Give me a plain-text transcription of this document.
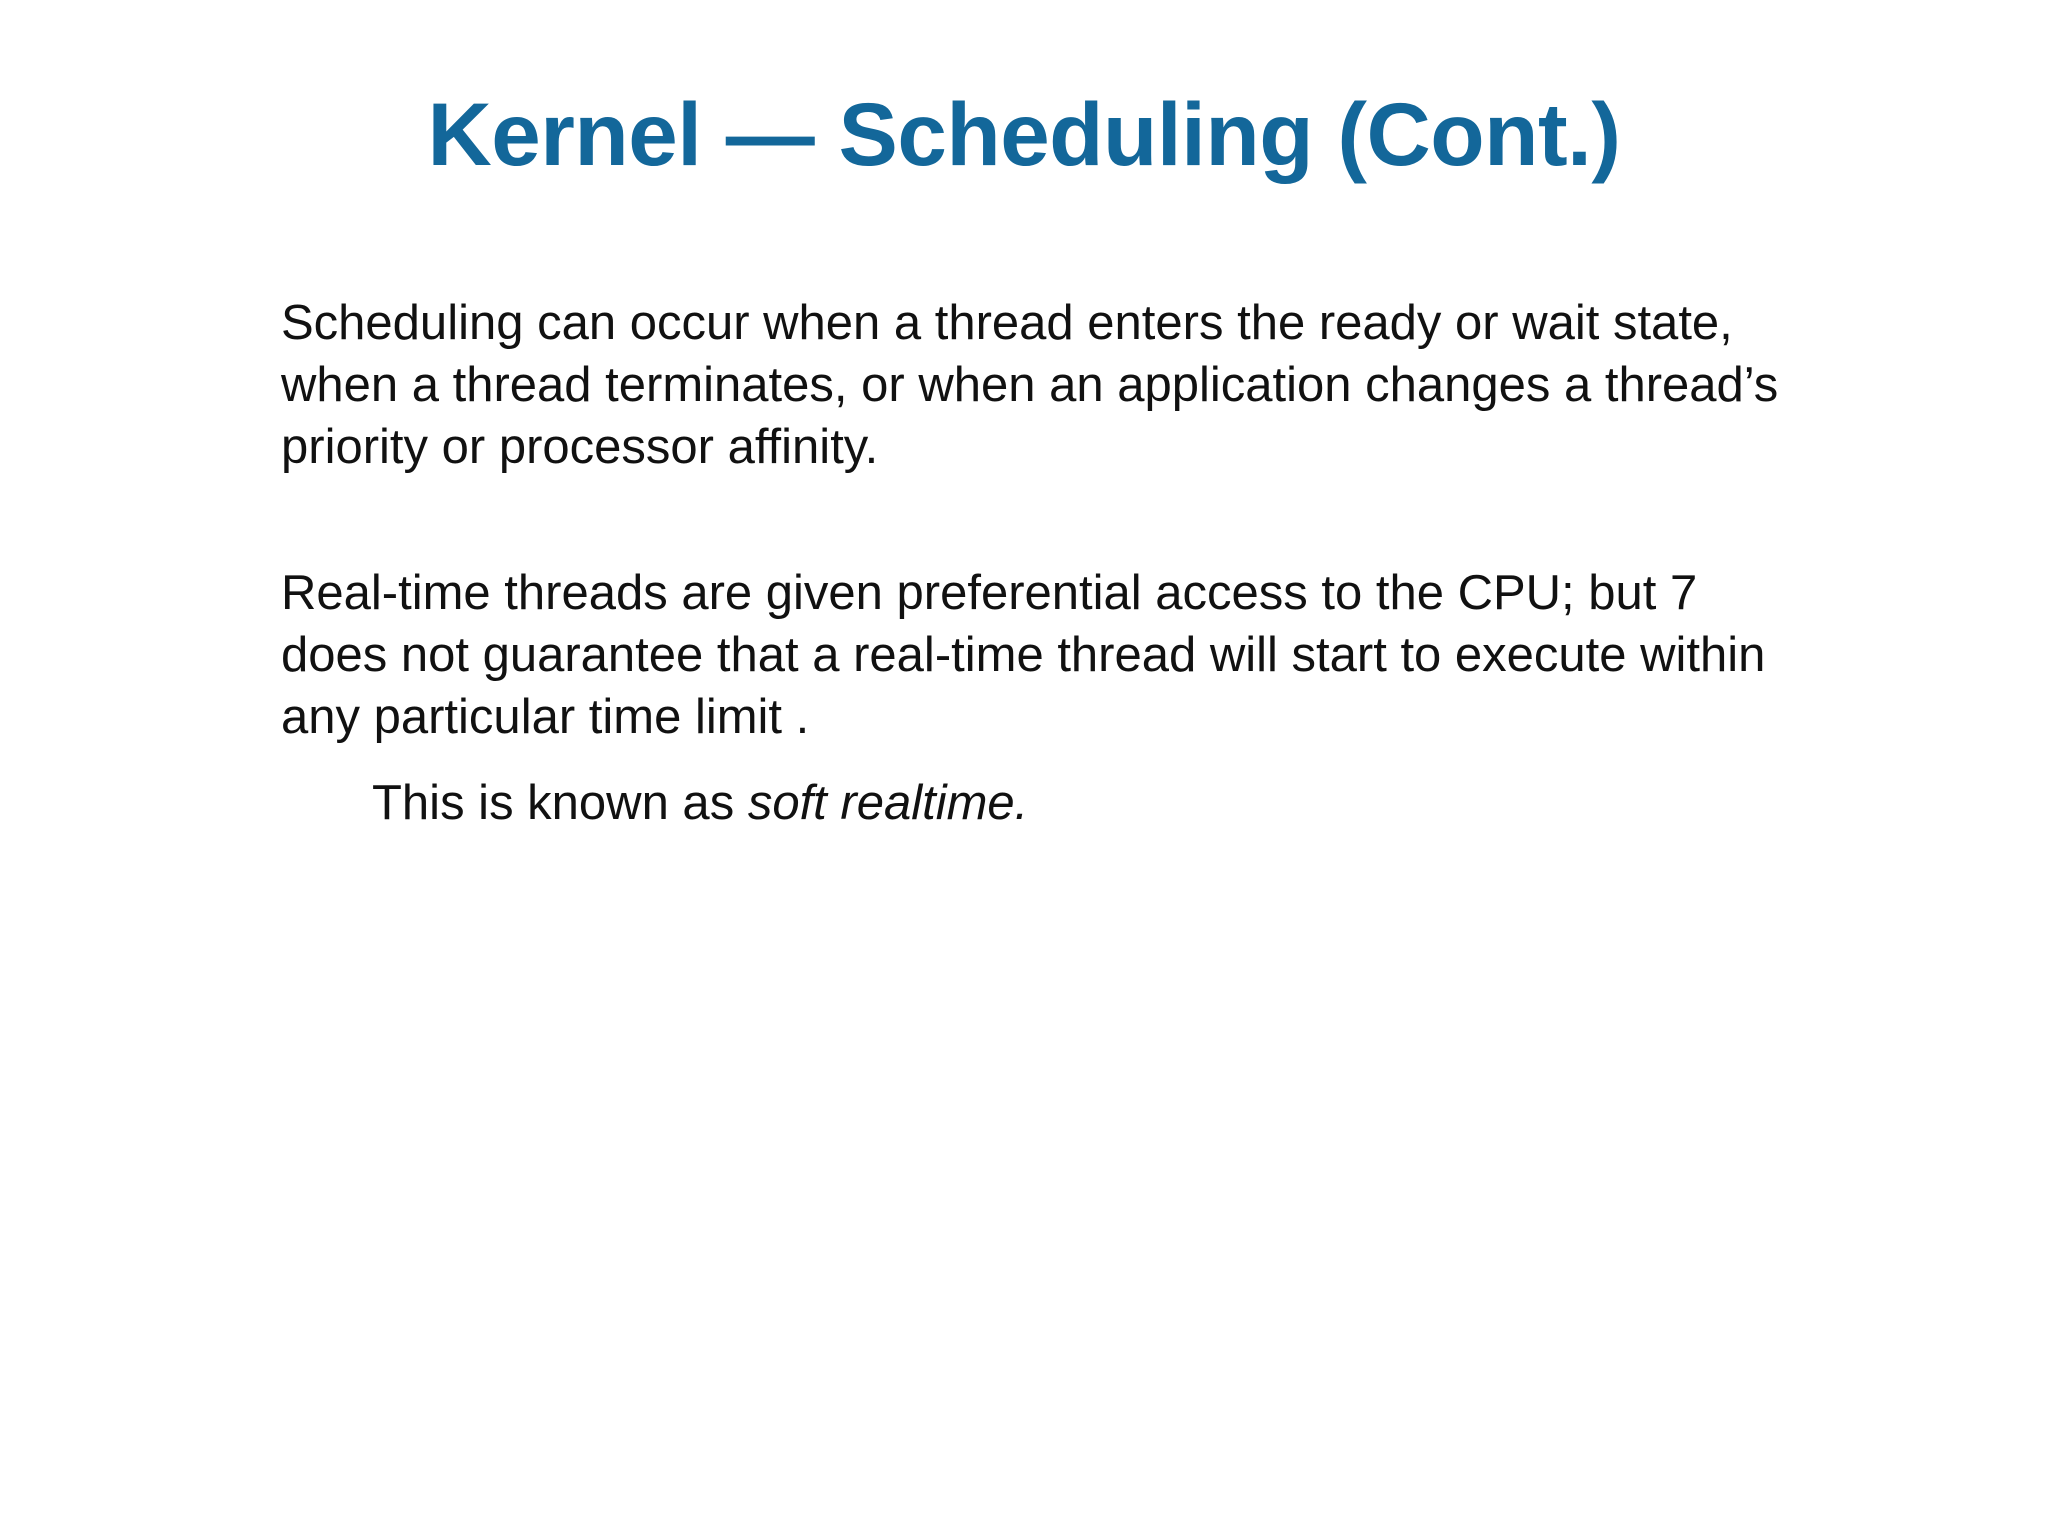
Kernel — Scheduling (Cont.)

Scheduling can occur when a thread enters the ready or wait state,
when a thread terminates, or when an application changes a thread’s
priority or processor affinity.

Real-time threads are given preferential access to the CPU; but 7
does not guarantee that a real-time thread will start to execute within
any particular time limit .

This is known as soft realtime.
